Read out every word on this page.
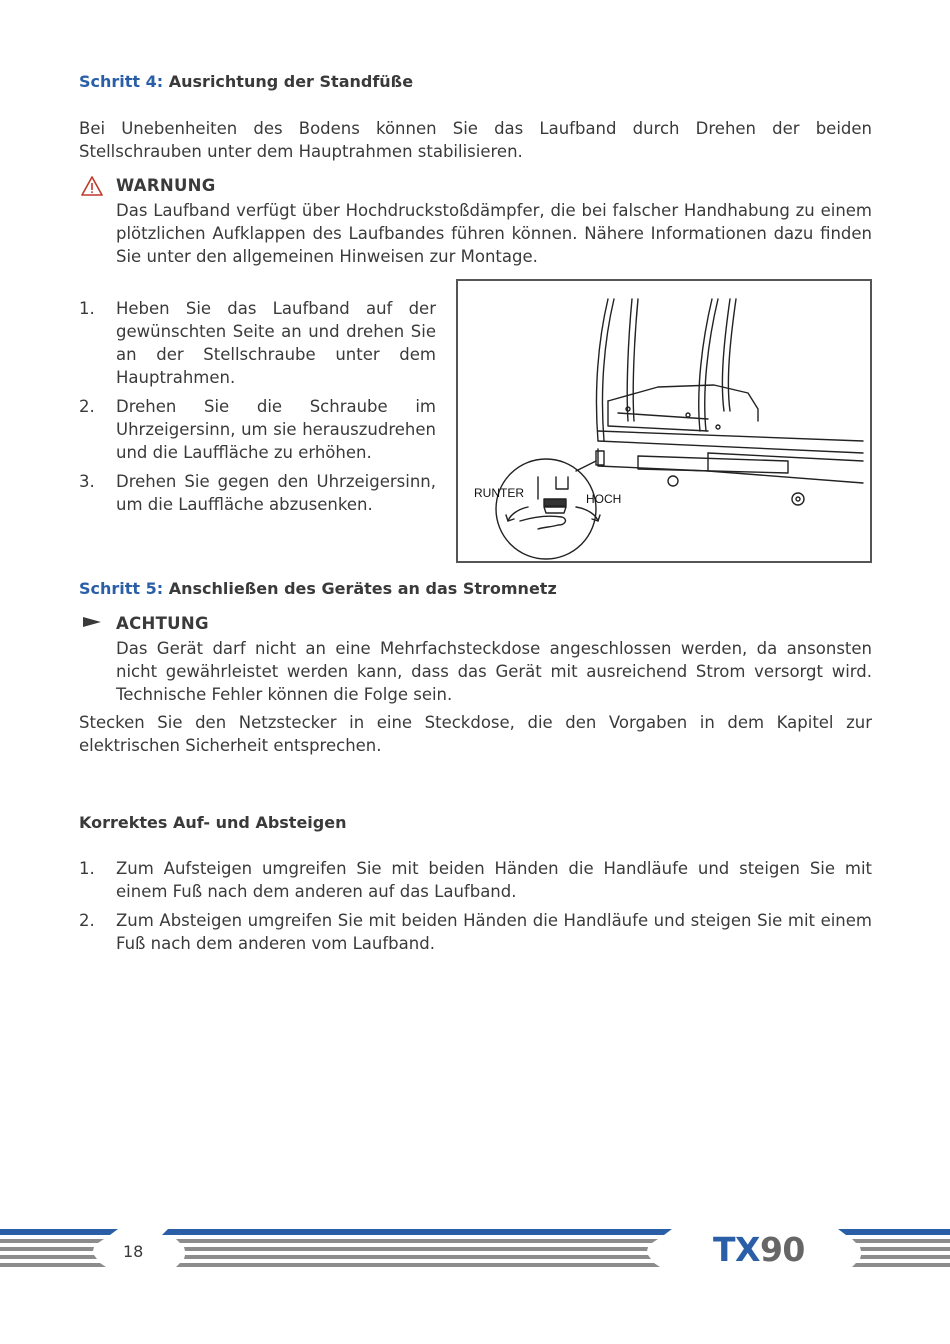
Schritt 4: Ausrichtung der Standfüße

Bei Unebenheiten des Bodens können Sie das Laufband durch Drehen der beiden Stellschrauben unter dem Hauptrahmen stabilisieren.

WARNUNG

Das Laufband verfügt über Hochdruckstoßdämpfer, die bei falscher Handhabung zu einem plötzlichen Aufklappen des Laufbandes führen können. Nähere Informationen dazu finden Sie unter den allgemeinen Hinweisen zur Montage.

1. Heben Sie das Laufband auf der gewünschten Seite an und drehen Sie an der Stellschraube unter dem Hauptrahmen.
2. Drehen Sie die Schraube im Uhrzeigersinn, um sie herauszudrehen und die Lauffläche zu erhöhen.
3. Drehen Sie gegen den Uhrzeigersinn, um die Lauffläche abzusenken.
RUNTER	HOCH
Schritt 5: Anschließen des Gerätes an das Stromnetz
ACHTUNG

Das Gerät darf nicht an eine Mehrfachsteckdose angeschlossen werden, da ansonsten nicht gewährleistet werden kann, dass das Gerät mit ausreichend Strom versorgt wird. Technische Fehler können die Folge sein.

Stecken Sie den Netzstecker in eine Steckdose, die den Vorgaben in dem Kapitel zur elektrischen Sicherheit entsprechen.

Korrektes Auf- und Absteigen
1. Zum Aufsteigen umgreifen Sie mit beiden Händen die Handläufe und steigen Sie mit einem Fuß nach dem anderen auf das Laufband.
2. Zum Absteigen umgreifen Sie mit beiden Händen die Handläufe und steigen Sie mit einem Fuß nach dem anderen vom Laufband.
18	TX90
